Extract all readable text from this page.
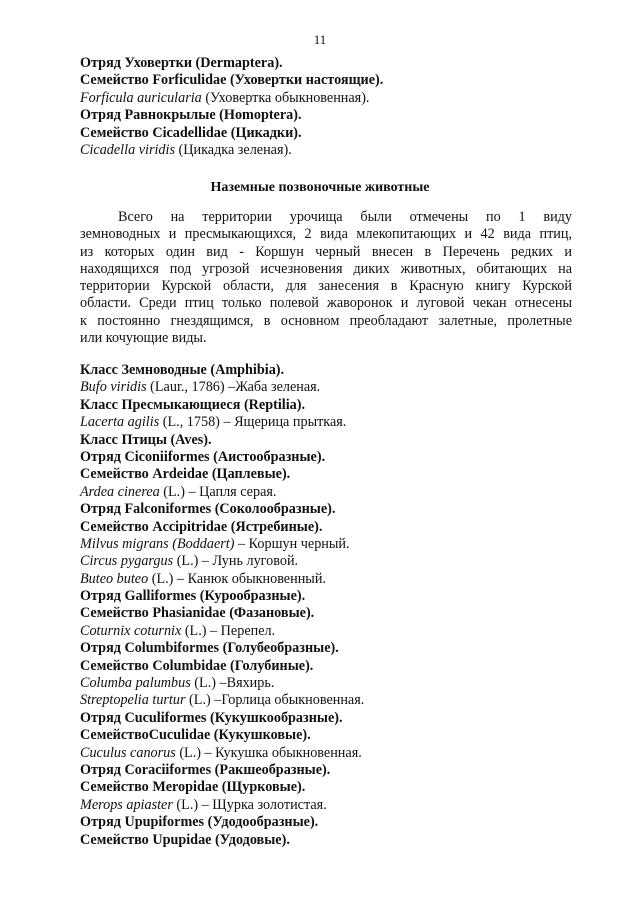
11
Отряд Уховертки (Dermaptera).
Семейство Forficulidae (Уховертки настоящие).
Forficula auricularia (Уховертка обыкновенная).
Отряд Равнокрылые (Homoptera).
Семейство Cicadellidae (Цикадки).
Cicadella viridis (Цикадка зеленая).
Наземные позвоночные животные
Всего на территории урочища были отмечены по 1 виду
земноводных и пресмыкающихся, 2 вида млекопитающих и 42 вида птиц,
из которых один вид - Коршун черный внесен в Перечень редких и
находящихся под угрозой исчезновения диких животных, обитающих на
территории Курской области, для занесения в Красную книгу Курской
области. Среди птиц только полевой жаворонок и луговой чекан отнесены
к постоянно гнездящимся, в основном преобладают залетные, пролетные
или кочующие виды.
Класс Земноводные (Amphibia).
Bufo viridis (Laur., 1786) –Жаба зеленая.
Класс Пресмыкающиеся (Reptilia).
Lacerta agilis (L., 1758) – Ящерица прыткая.
Класс Птицы (Aves).
Отряд Ciconiiformes (Аистообразные).
Семейство Ardeidae (Цаплевые).
Ardea cinerea (L.) – Цапля серая.
Отряд Falconiformes (Соколообразные).
Семейство Accipitridae (Ястребиные).
Milvus migrans (Boddaert) – Коршун черный.
Circus pygargus (L.) – Лунь луговой.
Buteo buteo (L.) – Канюк обыкновенный.
Отряд Galliformes (Курообразные).
Семейство Phasianidae (Фазановые).
Coturnix coturnix (L.) – Перепел.
Отряд Columbiformes (Голубеобразные).
Семейство Columbidae (Голубиные).
Columba palumbus (L.) –Вяхирь.
Streptopelia turtur (L.) –Горлица обыкновенная.
Отряд Cuculiformes (Кукушкообразные).
СемействоCuculidae (Кукушковые).
Cuculus canorus (L.) – Кукушка обыкновенная.
Отряд Coraciiformes (Ракшеобразные).
Семейство Meropidae (Щурковые).
Merops apiaster (L.) – Щурка золотистая.
Отряд Upupiformes (Удодообразные).
Семейство Upupidae (Удодовые).
